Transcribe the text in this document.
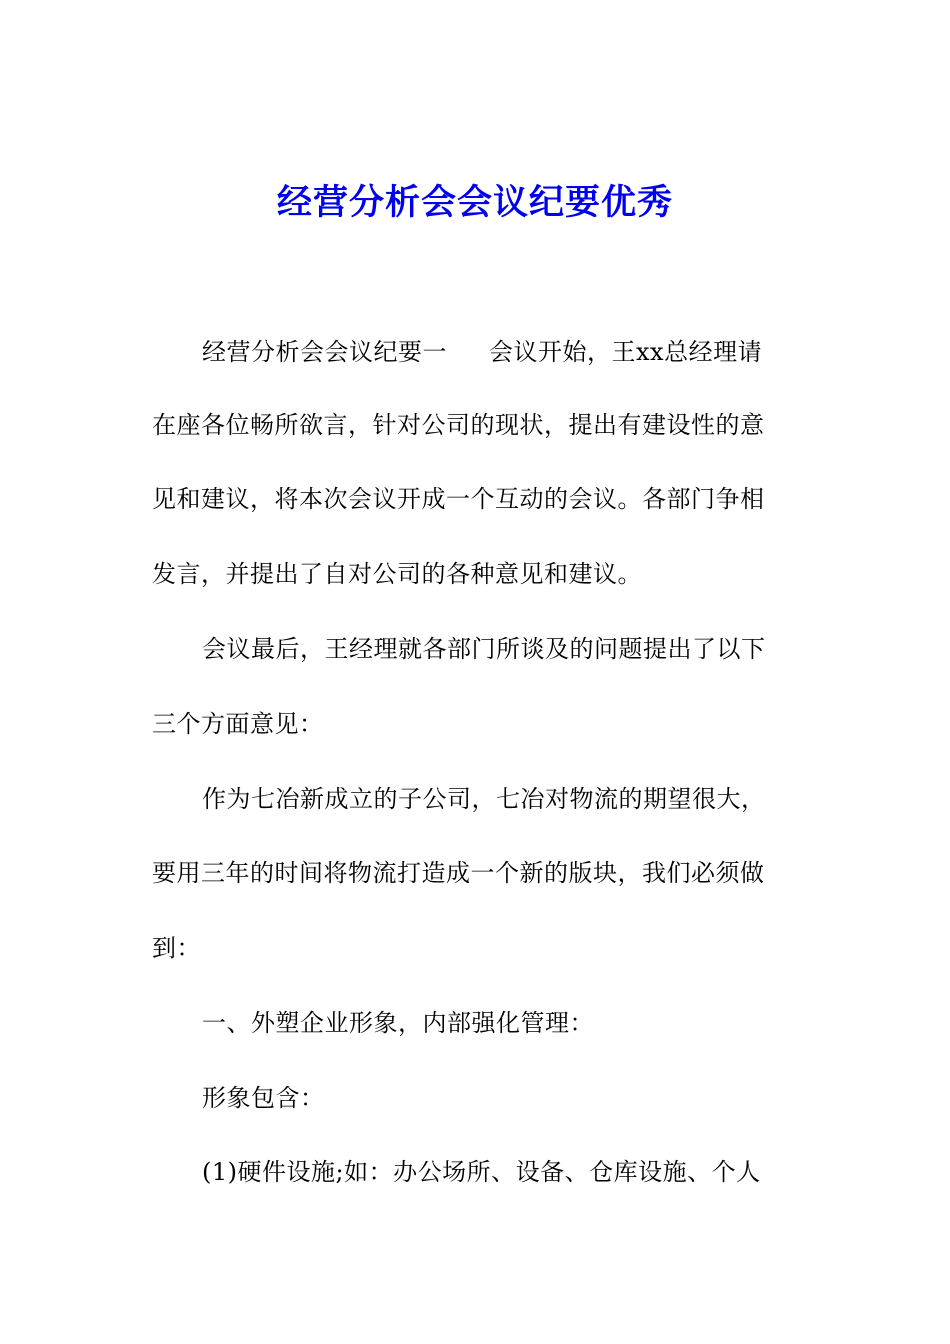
经营分析会会议纪要优秀
经营分析会会议纪要一 会议开始，王xx总经理请
在座各位畅所欲言，针对公司的现状，提出有建设性的意
见和建议，将本次会议开成一个互动的会议。各部门争相
发言，并提出了自对公司的各种意见和建议。
会议最后，王经理就各部门所谈及的问题提出了以下
三个方面意见：
作为七冶新成立的子公司，七冶对物流的期望很大，
要用三年的时间将物流打造成一个新的版块，我们必须做
到：
一、外塑企业形象，内部强化管理：
形象包含：
(1)硬件设施;如：办公场所、设备、仓库设施、个人
